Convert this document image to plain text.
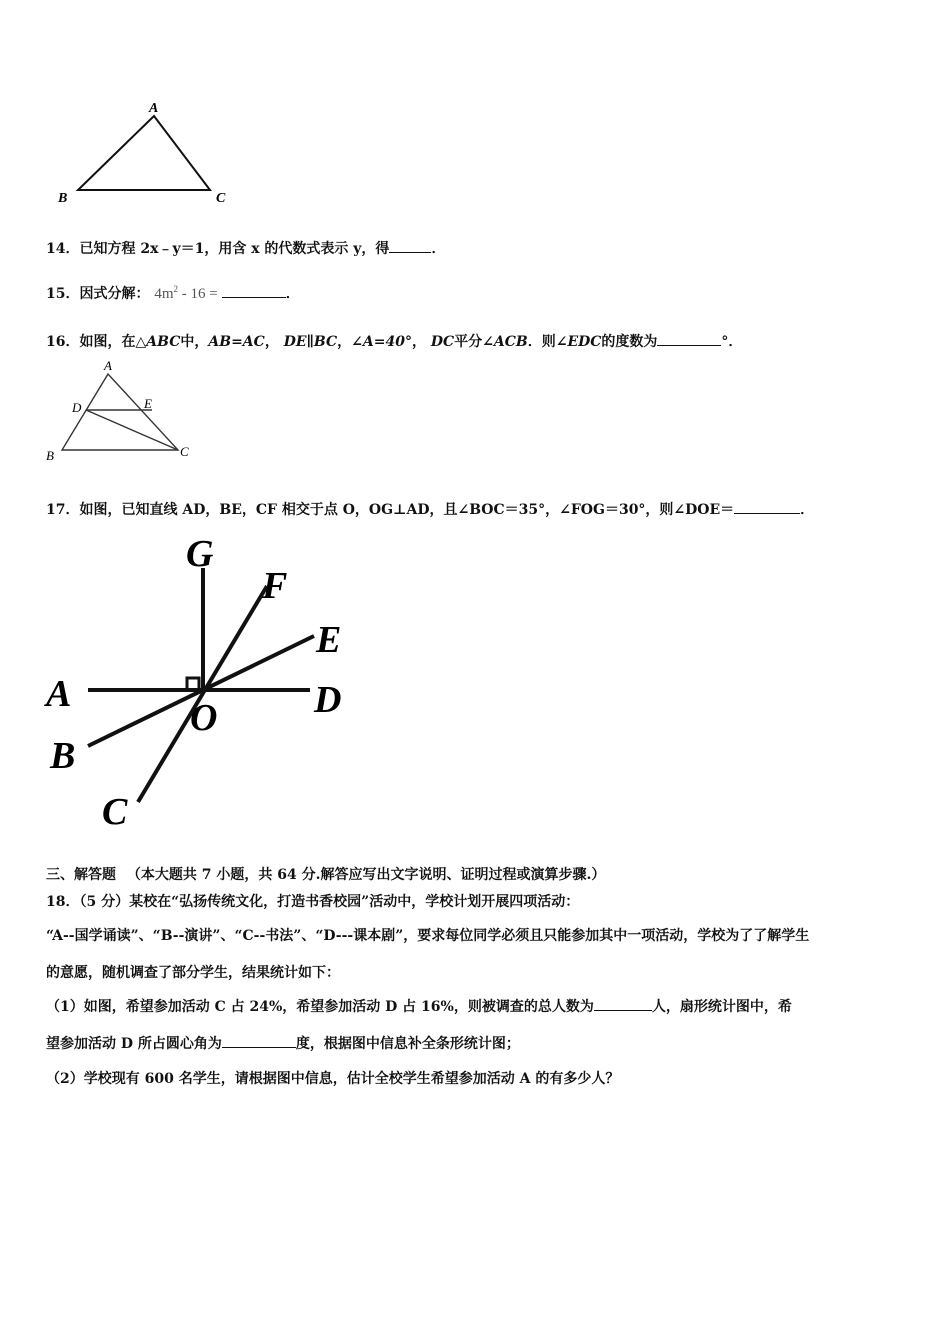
A
B	C
14．已知方程 2x﹣y＝1，用含 x 的代数式表示 y，得	．
15．因式分解： $4m^2 - 16$ =	．
16．如图，在△ABC中，AB=AC， DE∥BC，∠A=40°， DC平分∠ACB．则∠EDC的度数为	°．
A
D	E
B	C
17．如图，已知直线 AD，BE，CF 相交于点 O，OG⊥AD，且∠BOC＝35°，∠FOG＝30°，则∠DOE＝	．
G
F
E
A	D
O
B
C
三、解答题 （本大题共 7 小题，共 64 分.解答应写出文字说明、证明过程或演算步骤.）
18．（5 分）某校在“弘扬传统文化，打造书香校园”活动中，学校计划开展四项活动：
“A--国学诵读”、“B--演讲”、“C--书法”、“D---课本剧”，要求每位同学必须且只能参加其中一项活动，学校为了了解学生
的意愿，随机调查了部分学生，结果统计如下：
（1）如图，希望参加活动 C 占 24%，希望参加活动 D 占 16%，则被调查的总人数为	人，扇形统计图中，希
望参加活动 D 所占圆心角为	度，根据图中信息补全条形统计图；
（2）学校现有 600 名学生，请根据图中信息，估计全校学生希望参加活动 A 的有多少人？
